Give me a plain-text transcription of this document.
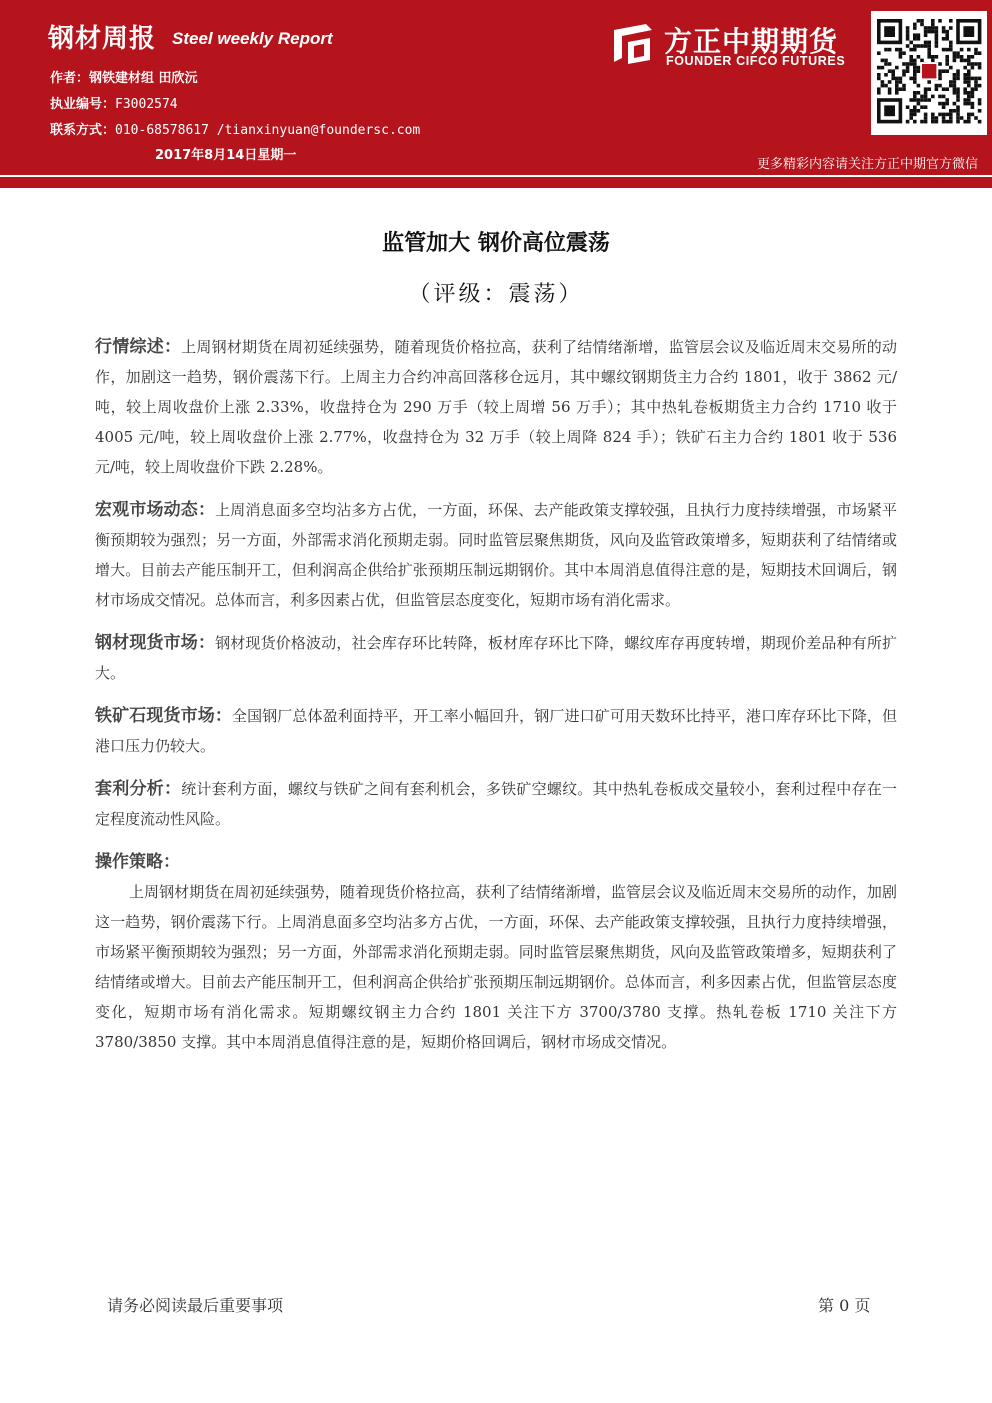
钢材周报 Steel weekly Report
作者：钢铁建材组 田欣沅
执业编号：F3002574
联系方式：010-68578617 /tianxinyuan@foundersc.com
2017年8月14日星期一
方正中期期货
FOUNDER CIFCO FUTURES
更多精彩内容请关注方正中期官方微信
监管加大 钢价高位震荡
（评级：震荡）

行情综述：上周钢材期货在周初延续强势，随着现货价格拉高，获利了结情绪渐增，监管层会议及临近周末交易所的动作，加剧这一趋势，钢价震荡下行。上周主力合约冲高回落移仓远月，其中螺纹钢期货主力合约 1801，收于 3862 元/吨，较上周收盘价上涨 2.33%，收盘持仓为 290 万手（较上周增 56 万手）；其中热轧卷板期货主力合约 1710 收于 4005 元/吨，较上周收盘价上涨 2.77%，收盘持仓为 32 万手（较上周降 824 手）；铁矿石主力合约 1801 收于 536 元/吨，较上周收盘价下跌 2.28%。

宏观市场动态：上周消息面多空均沾多方占优，一方面，环保、去产能政策支撑较强，且执行力度持续增强，市场紧平衡预期较为强烈；另一方面，外部需求消化预期走弱。同时监管层聚焦期货，风向及监管政策增多，短期获利了结情绪或增大。目前去产能压制开工，但利润高企供给扩张预期压制远期钢价。其中本周消息值得注意的是，短期技术回调后，钢材市场成交情况。总体而言，利多因素占优，但监管层态度变化，短期市场有消化需求。

钢材现货市场：钢材现货价格波动，社会库存环比转降，板材库存环比下降，螺纹库存再度转增，期现价差品种有所扩大。

铁矿石现货市场：全国钢厂总体盈利面持平，开工率小幅回升，钢厂进口矿可用天数环比持平，港口库存环比下降，但港口压力仍较大。

套利分析：统计套利方面，螺纹与铁矿之间有套利机会，多铁矿空螺纹。其中热轧卷板成交量较小，套利过程中存在一定程度流动性风险。

操作策略：

上周钢材期货在周初延续强势，随着现货价格拉高，获利了结情绪渐增，监管层会议及临近周末交易所的动作，加剧这一趋势，钢价震荡下行。上周消息面多空均沾多方占优，一方面，环保、去产能政策支撑较强，且执行力度持续增强，市场紧平衡预期较为强烈；另一方面，外部需求消化预期走弱。同时监管层聚焦期货，风向及监管政策增多，短期获利了结情绪或增大。目前去产能压制开工，但利润高企供给扩张预期压制远期钢价。总体而言，利多因素占优，但监管层态度变化，短期市场有消化需求。短期螺纹钢主力合约 1801 关注下方 3700/3780 支撑。热轧卷板 1710 关注下方 3780/3850 支撑。其中本周消息值得注意的是，短期价格回调后，钢材市场成交情况。

请务必阅读最后重要事项	第 0 页
